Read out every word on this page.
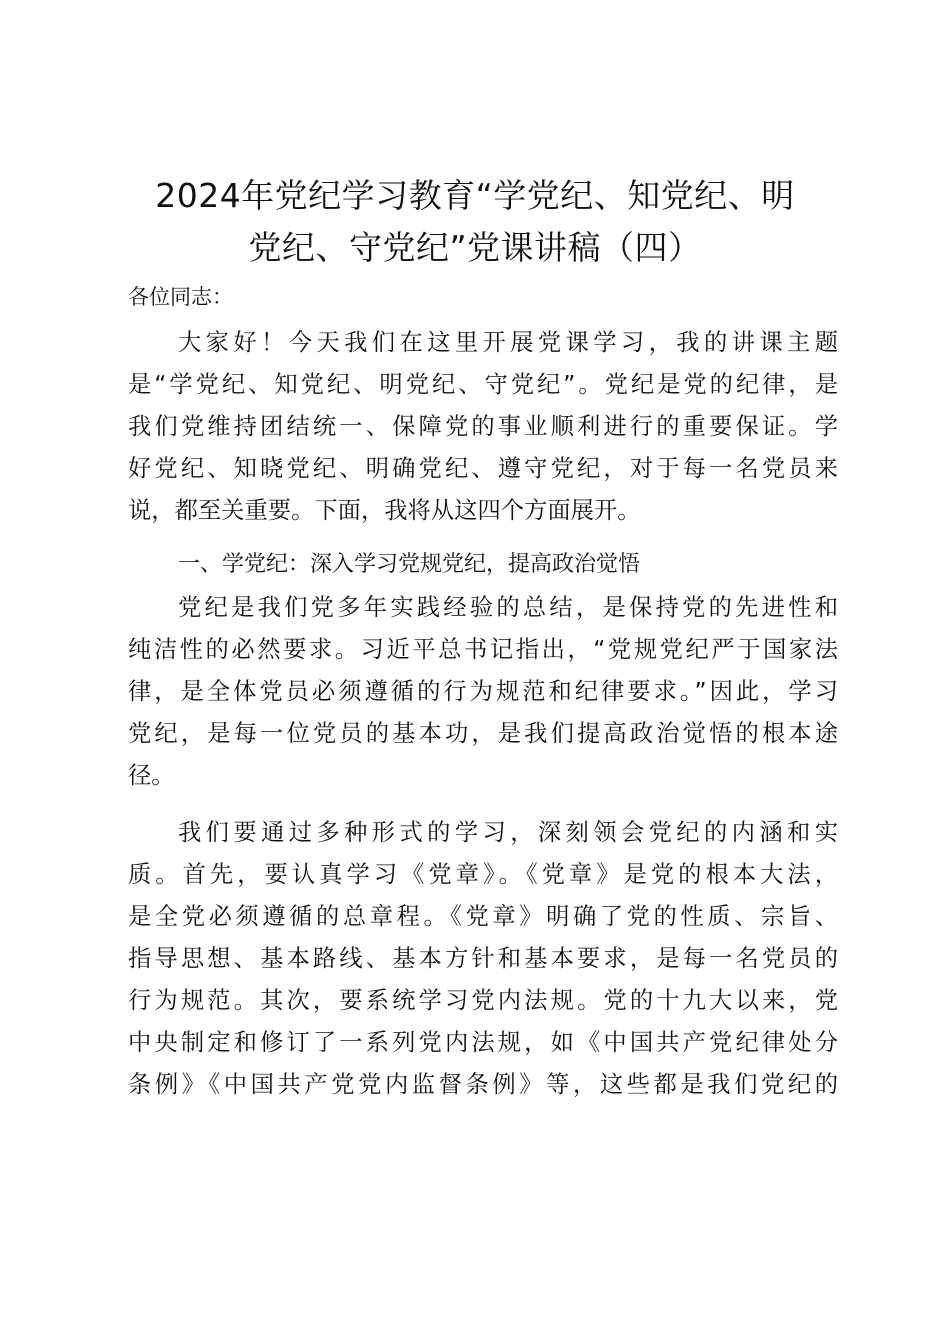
2024年党纪学习教育“学党纪、知党纪、明
党纪、守党纪”党课讲稿（四）

各位同志：

大家好！今天我们在这里开展党课学习，我的讲课主题
是“学党纪、知党纪、明党纪、守党纪”。党纪是党的纪律，是
我们党维持团结统一、保障党的事业顺利进行的重要保证。学
好党纪、知晓党纪、明确党纪、遵守党纪，对于每一名党员来
说，都至关重要。下面，我将从这四个方面展开。

一、学党纪：深入学习党规党纪，提高政治觉悟

党纪是我们党多年实践经验的总结，是保持党的先进性和
纯洁性的必然要求。习近平总书记指出，“党规党纪严于国家法
律，是全体党员必须遵循的行为规范和纪律要求。”因此，学习
党纪，是每一位党员的基本功，是我们提高政治觉悟的根本途
径。

我们要通过多种形式的学习，深刻领会党纪的内涵和实
质。首先，要认真学习《党章》。《党章》是党的根本大法，
是全党必须遵循的总章程。《党章》明确了党的性质、宗旨、
指导思想、基本路线、基本方针和基本要求，是每一名党员的
行为规范。其次，要系统学习党内法规。党的十九大以来，党
中央制定和修订了一系列党内法规，如《中国共产党纪律处分
条例》《中国共产党党内监督条例》等，这些都是我们党纪的
